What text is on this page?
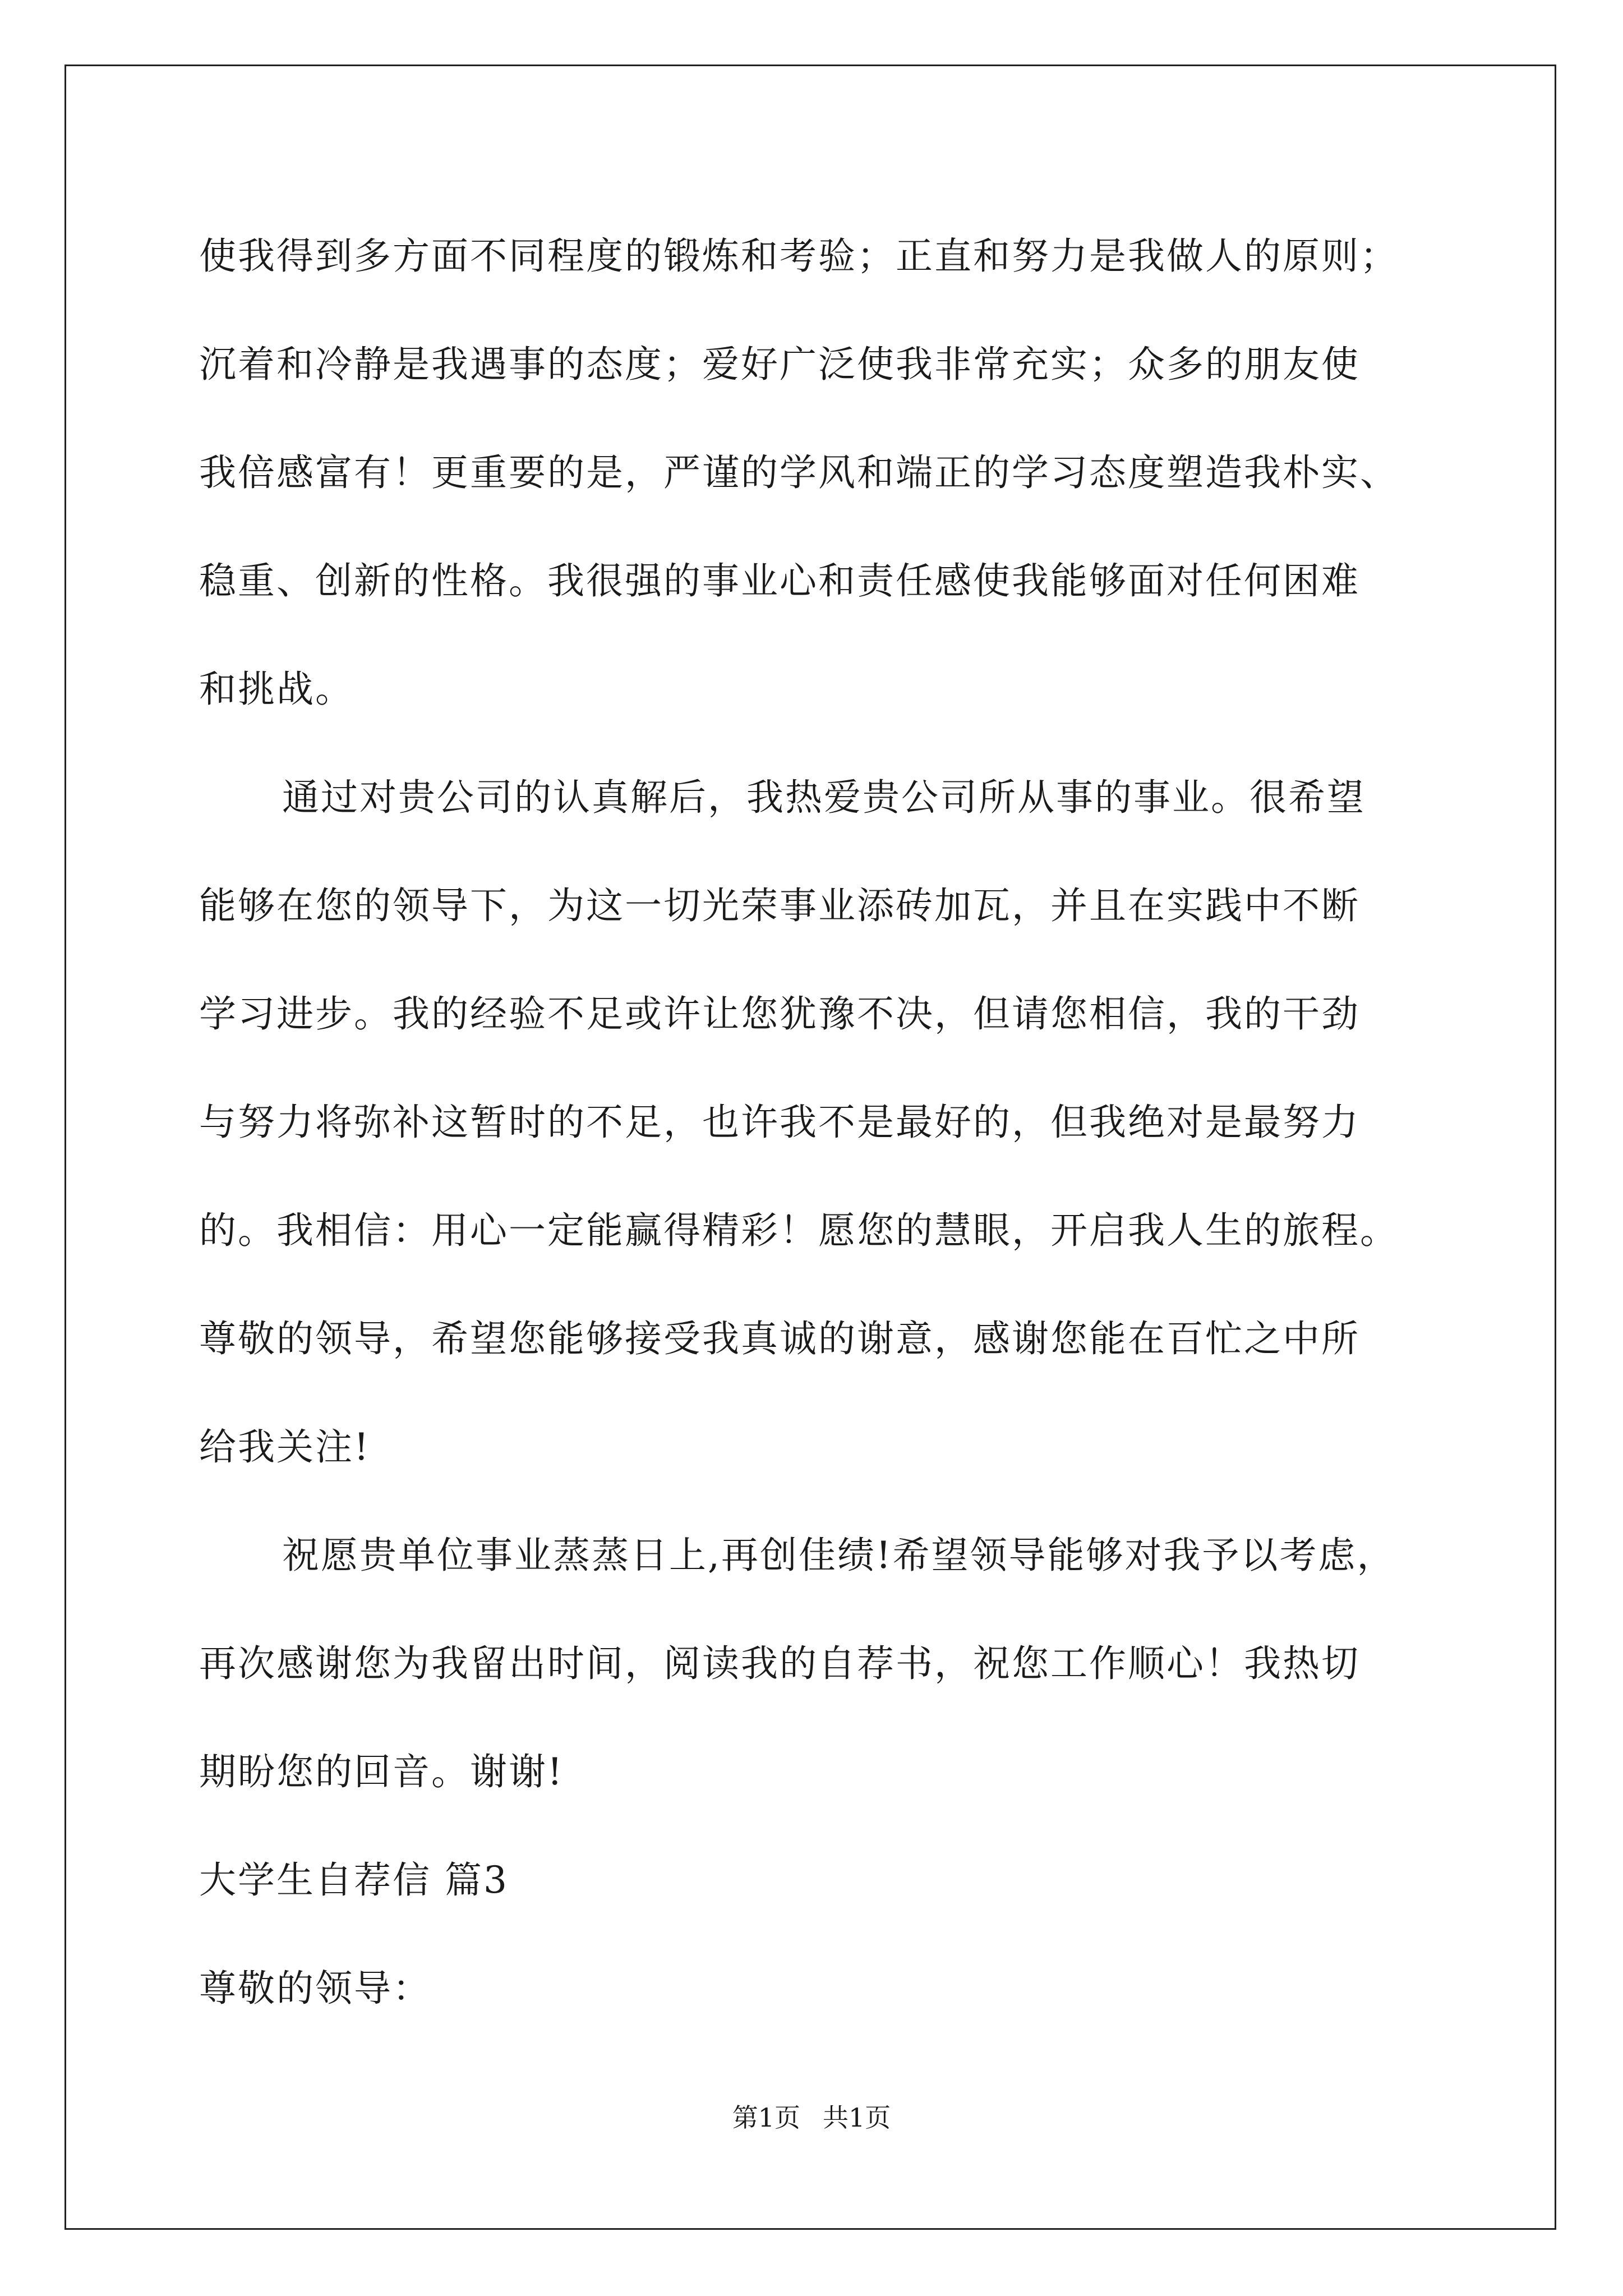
使我得到多方面不同程度的锻炼和考验；正直和努力是我做人的原则；
沉着和冷静是我遇事的态度；爱好广泛使我非常充实；众多的朋友使
我倍感富有！更重要的是，严谨的学风和端正的学习态度塑造我朴实、
稳重、创新的性格。我很强的事业心和责任感使我能够面对任何困难
和挑战。
通过对贵公司的认真解后，我热爱贵公司所从事的事业。很希望
能够在您的领导下，为这一切光荣事业添砖加瓦，并且在实践中不断
学习进步。我的经验不足或许让您犹豫不决，但请您相信，我的干劲
与努力将弥补这暂时的不足，也许我不是最好的，但我绝对是最努力
的。我相信：用心一定能赢得精彩！愿您的慧眼，开启我人生的旅程。
尊敬的领导，希望您能够接受我真诚的谢意，感谢您能在百忙之中所
给我关注!
祝愿贵单位事业蒸蒸日上,再创佳绩!希望领导能够对我予以考虑，
再次感谢您为我留出时间，阅读我的自荐书，祝您工作顺心！我热切
期盼您的回音。谢谢!
大学生自荐信 篇3
尊敬的领导：
第1页 共1页
